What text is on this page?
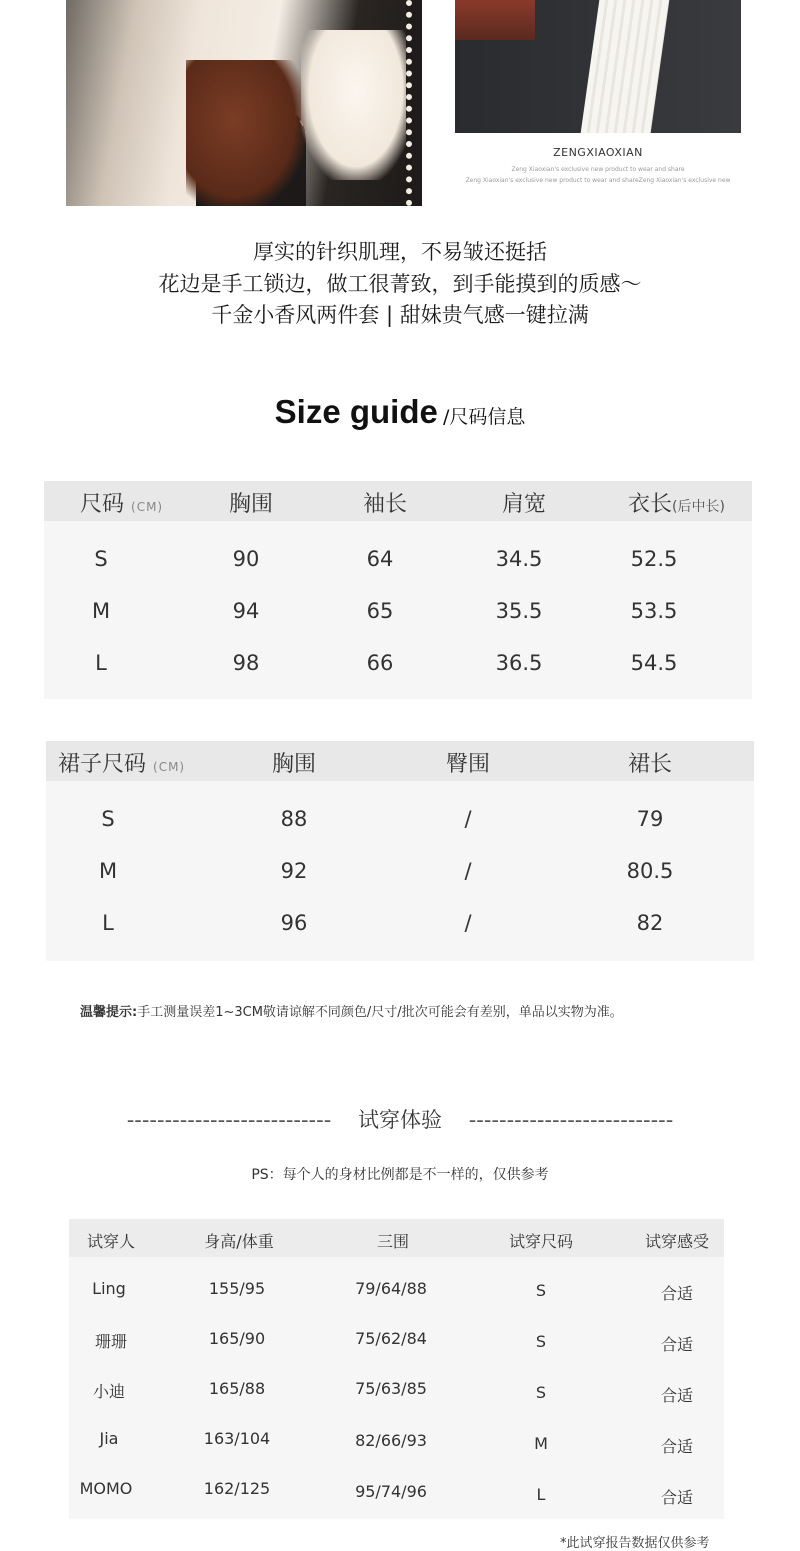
ZENGXIAOXIAN
Zeng Xiaoxian's exclusive new product to wear and share
Zeng Xiaoxian's exclusive new product to wear and shareZeng Xiaoxian's exclusive new
厚实的针织肌理，不易皱还挺括
花边是手工锁边，做工很菁致，到手能摸到的质感～
千金小香风两件套 | 甜妹贵气感一键拉满
Size guide /尺码信息
尺码 (CM)	胸围	袖长	肩宽	衣长(后中长)
S	90	64	34.5	52.5
M	94	65	35.5	53.5
L	98	66	36.5	54.5
裙子尺码 (CM)	胸围	臀围	裙长
S	88	/	79
M	92	/	80.5
L	96	/	82
温馨提示:手工测量误差1~3CM敬请谅解不同颜色/尺寸/批次可能会有差别，单品以实物为准。
--------------------------- 试穿体验 ---------------------------
PS：每个人的身材比例都是不一样的，仅供参考
试穿人	身高/体重	三围	试穿尺码	试穿感受
Ling	155/95	79/64/88	S	合适
珊珊	165/90	75/62/84	S	合适
小迪	165/88	75/63/85	S	合适
Jia	163/104	82/66/93	M	合适
MOMO	162/125	95/74/96	L	合适
*此试穿报告数据仅供参考
